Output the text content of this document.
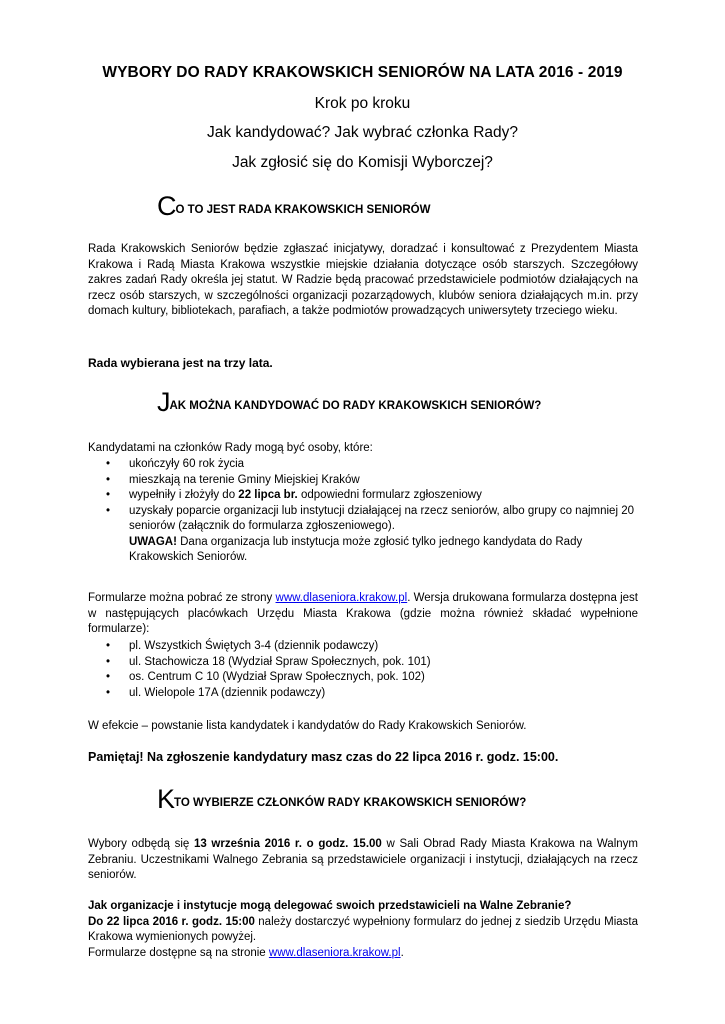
WYBORY DO RADY KRAKOWSKICH SENIORÓW NA LATA 2016 - 2019
Krok po kroku
Jak kandydować? Jak wybrać członka Rady?
Jak zgłosić się do Komisji Wyborczej?
CO TO JEST RADA KRAKOWSKICH SENIORÓW
Rada Krakowskich Seniorów będzie zgłaszać inicjatywy, doradzać i konsultować z Prezydentem Miasta Krakowa i Radą Miasta Krakowa wszystkie miejskie działania dotyczące osób starszych. Szczegółowy zakres zadań Rady określa jej statut. W Radzie będą pracować przedstawiciele podmiotów działających na rzecz osób starszych, w szczególności organizacji pozarządowych, klubów seniora działających m.in. przy domach kultury, bibliotekach, parafiach, a także podmiotów prowadzących uniwersytety trzeciego wieku.
Rada wybierana jest na trzy lata.
JAK MOŻNA KANDYDOWAĆ DO RADY KRAKOWSKICH SENIORÓW?
Kandydatami na członków Rady mogą być osoby, które:
• ukończyły 60 rok życia
• mieszkają na terenie Gminy Miejskiej Kraków
• wypełniły i złożyły do 22 lipca br. odpowiedni formularz zgłoszeniowy
• uzyskały poparcie organizacji lub instytucji działającej na rzecz seniorów, albo grupy co najmniej 20 seniorów (załącznik do formularza zgłoszeniowego).
UWAGA! Dana organizacja lub instytucja może zgłosić tylko jednego kandydata do Rady Krakowskich Seniorów.
Formularze można pobrać ze strony www.dlaseniora.krakow.pl. Wersja drukowana formularza dostępna jest w następujących placówkach Urzędu Miasta Krakowa (gdzie można również składać wypełnione formularze):
• pl. Wszystkich Świętych 3-4 (dziennik podawczy)
• ul. Stachowicza 18 (Wydział Spraw Społecznych, pok. 101)
• os. Centrum C 10 (Wydział Spraw Społecznych, pok. 102)
• ul. Wielopole 17A (dziennik podawczy)
W efekcie – powstanie lista kandydatek i kandydatów do Rady Krakowskich Seniorów.
Pamiętaj! Na zgłoszenie kandydatury masz czas do 22 lipca 2016 r. godz. 15:00.
KTO WYBIERZE CZŁONKÓW RADY KRAKOWSKICH SENIORÓW?
Wybory odbędą się 13 września 2016 r. o godz. 15.00 w Sali Obrad Rady Miasta Krakowa na Walnym Zebraniu. Uczestnikami Walnego Zebrania są przedstawiciele organizacji i instytucji, działających na rzecz seniorów.

Jak organizacje i instytucje mogą delegować swoich przedstawicieli na Walne Zebranie?

Do 22 lipca 2016 r. godz. 15:00 należy dostarczyć wypełniony formularz do jednej z siedzib Urzędu Miasta Krakowa wymienionych powyżej.

Formularze dostępne są na stronie www.dlaseniora.krakow.pl.
